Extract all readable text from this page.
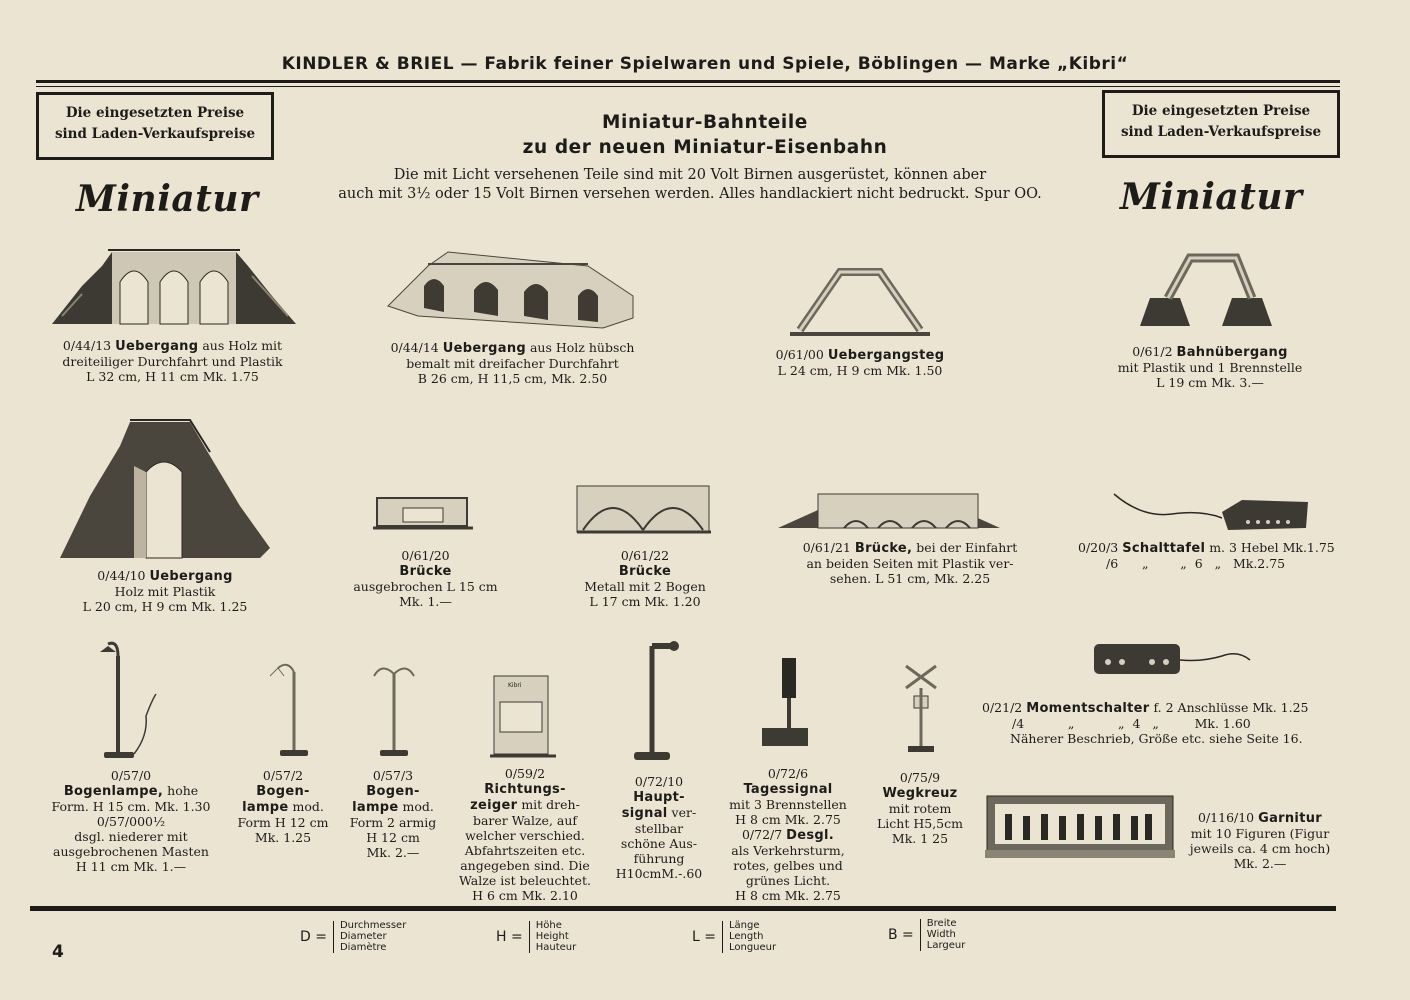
KINDLER & BRIEL — Fabrik feiner Spielwaren und Spiele, Böblingen — Marke „Kibri“
Die eingesetzten Preise
sind Laden-Verkaufspreise
Die eingesetzten Preise
sind Laden-Verkaufspreise
Miniatur-Bahnteile
zu der neuen Miniatur-Eisenbahn
Die mit Licht versehenen Teile sind mit 20 Volt Birnen ausgerüstet, können aber
auch mit 3½ oder 15 Volt Birnen versehen werden. Alles handlackiert nicht bedruckt. Spur OO.
Miniatur	Miniatur
0/44/13 Uebergang aus Holz mit
dreiteiliger Durchfahrt und Plastik
L 32 cm, H 11 cm Mk. 1.75
0/44/14 Uebergang aus Holz hübsch
bemalt mit dreifacher Durchfahrt
B 26 cm, H 11,5 cm, Mk. 2.50
0/61/00 Uebergangsteg
L 24 cm, H 9 cm Mk. 1.50
0/61/2 Bahnübergang
mit Plastik und 1 Brennstelle
L 19 cm Mk. 3.—
0/44/10 Uebergang
Holz mit Plastik
L 20 cm, H 9 cm Mk. 1.25
0/61/20
Brücke
ausgebrochen L 15 cm
Mk. 1.—
0/61/22
Brücke
Metall mit 2 Bogen
L 17 cm Mk. 1.20
0/61/21 Brücke, bei der Einfahrt
an beiden Seiten mit Plastik ver-
sehen. L 51 cm, Mk. 2.25
0/20/3 Schalttafel m. 3 Hebel Mk.1.75
/6      „        „  6   „   Mk.2.75
0/21/2 Momentschalter f. 2 Anschlüsse Mk. 1.25
/4           „           „  4   „         Mk. 1.60
Näherer Beschrieb, Größe etc. siehe Seite 16.
Kibri
0/57/0
Bogenlampe, hohe
Form. H 15 cm. Mk. 1.30
0/57/000½
dsgl. niederer mit
ausgebrochenen Masten
H 11 cm Mk. 1.—
0/57/2
Bogen-
lampe mod.
Form H 12 cm
Mk. 1.25
0/57/3
Bogen-
lampe mod.
Form 2 armig
H 12 cm
Mk. 2.—
0/59/2
Richtungs-
zeiger mit dreh-
barer Walze, auf
welcher verschied.
Abfahrtszeiten etc.
angegeben sind. Die
Walze ist beleuchtet.
H 6 cm Mk. 2.10
0/72/10
Haupt-
signal ver-
stellbar
schöne Aus-
führung
H10cmM.-.60
0/72/6
Tagessignal
mit 3 Brennstellen
H 8 cm Mk. 2.75
0/72/7 Desgl.
als Verkehrsturm,
rotes, gelbes und
grünes Licht.
H 8 cm Mk. 2.75
0/75/9
Wegkreuz
mit rotem
Licht H5,5cm
Mk. 1 25
0/116/10 Garnitur
mit 10 Figuren (Figur
jeweils ca. 4 cm hoch)
Mk. 2.—
D =
Durchmesser
Diameter
Diamètre
H =
Höhe
Height
Hauteur
L =
Länge
Length
Longueur
B =
Breite
Width
Largeur
4
